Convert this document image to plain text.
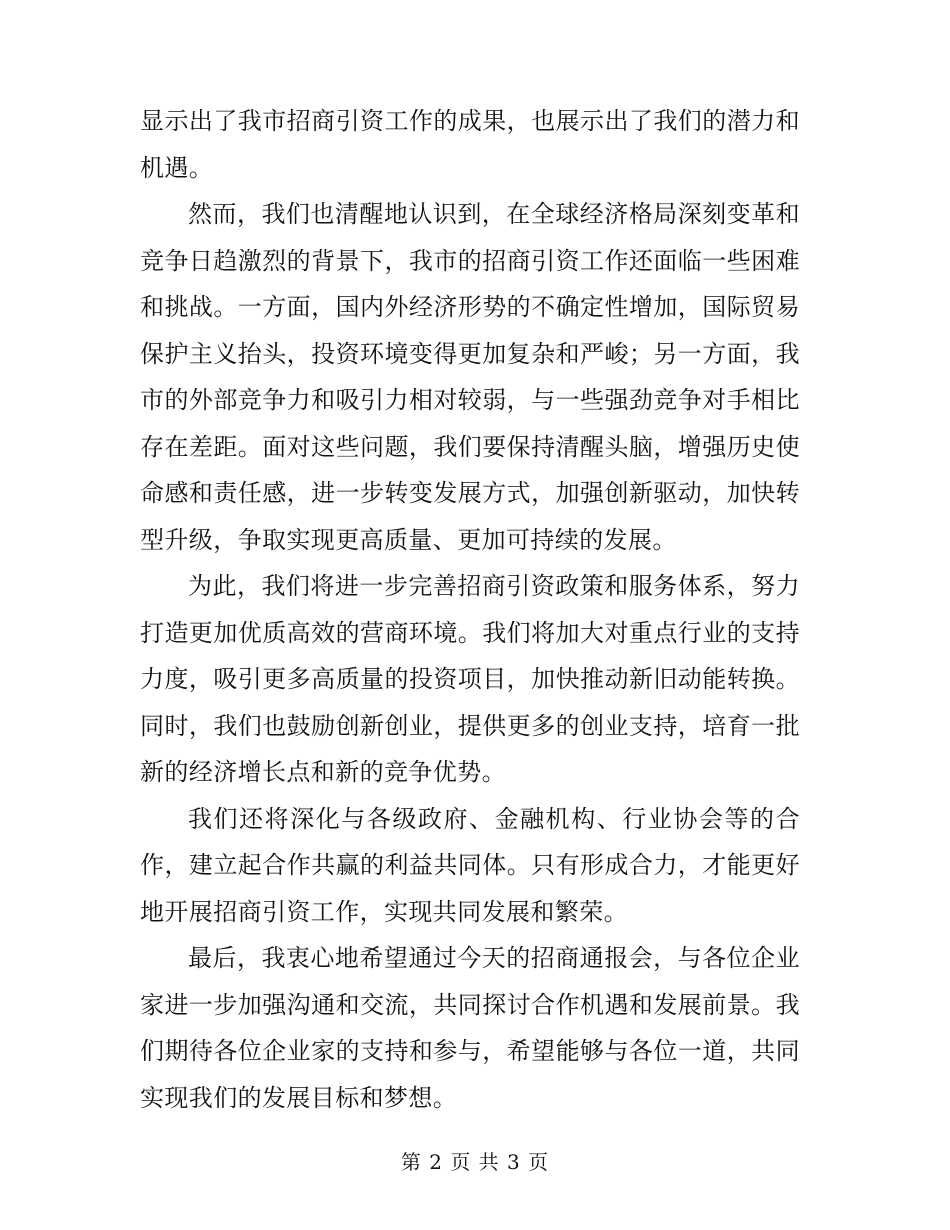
显示出了我市招商引资工作的成果，也展示出了我们的潜力和机遇。

然而，我们也清醒地认识到，在全球经济格局深刻变革和竞争日趋激烈的背景下，我市的招商引资工作还面临一些困难和挑战。一方面，国内外经济形势的不确定性增加，国际贸易保护主义抬头，投资环境变得更加复杂和严峻；另一方面，我市的外部竞争力和吸引力相对较弱，与一些强劲竞争对手相比存在差距。面对这些问题，我们要保持清醒头脑，增强历史使命感和责任感，进一步转变发展方式，加强创新驱动，加快转型升级，争取实现更高质量、更加可持续的发展。

为此，我们将进一步完善招商引资政策和服务体系，努力打造更加优质高效的营商环境。我们将加大对重点行业的支持力度，吸引更多高质量的投资项目，加快推动新旧动能转换。同时，我们也鼓励创新创业，提供更多的创业支持，培育一批新的经济增长点和新的竞争优势。

我们还将深化与各级政府、金融机构、行业协会等的合作，建立起合作共赢的利益共同体。只有形成合力，才能更好地开展招商引资工作，实现共同发展和繁荣。

最后，我衷心地希望通过今天的招商通报会，与各位企业家进一步加强沟通和交流，共同探讨合作机遇和发展前景。我们期待各位企业家的支持和参与，希望能够与各位一道，共同实现我们的发展目标和梦想。

第 2 页 共 3 页
